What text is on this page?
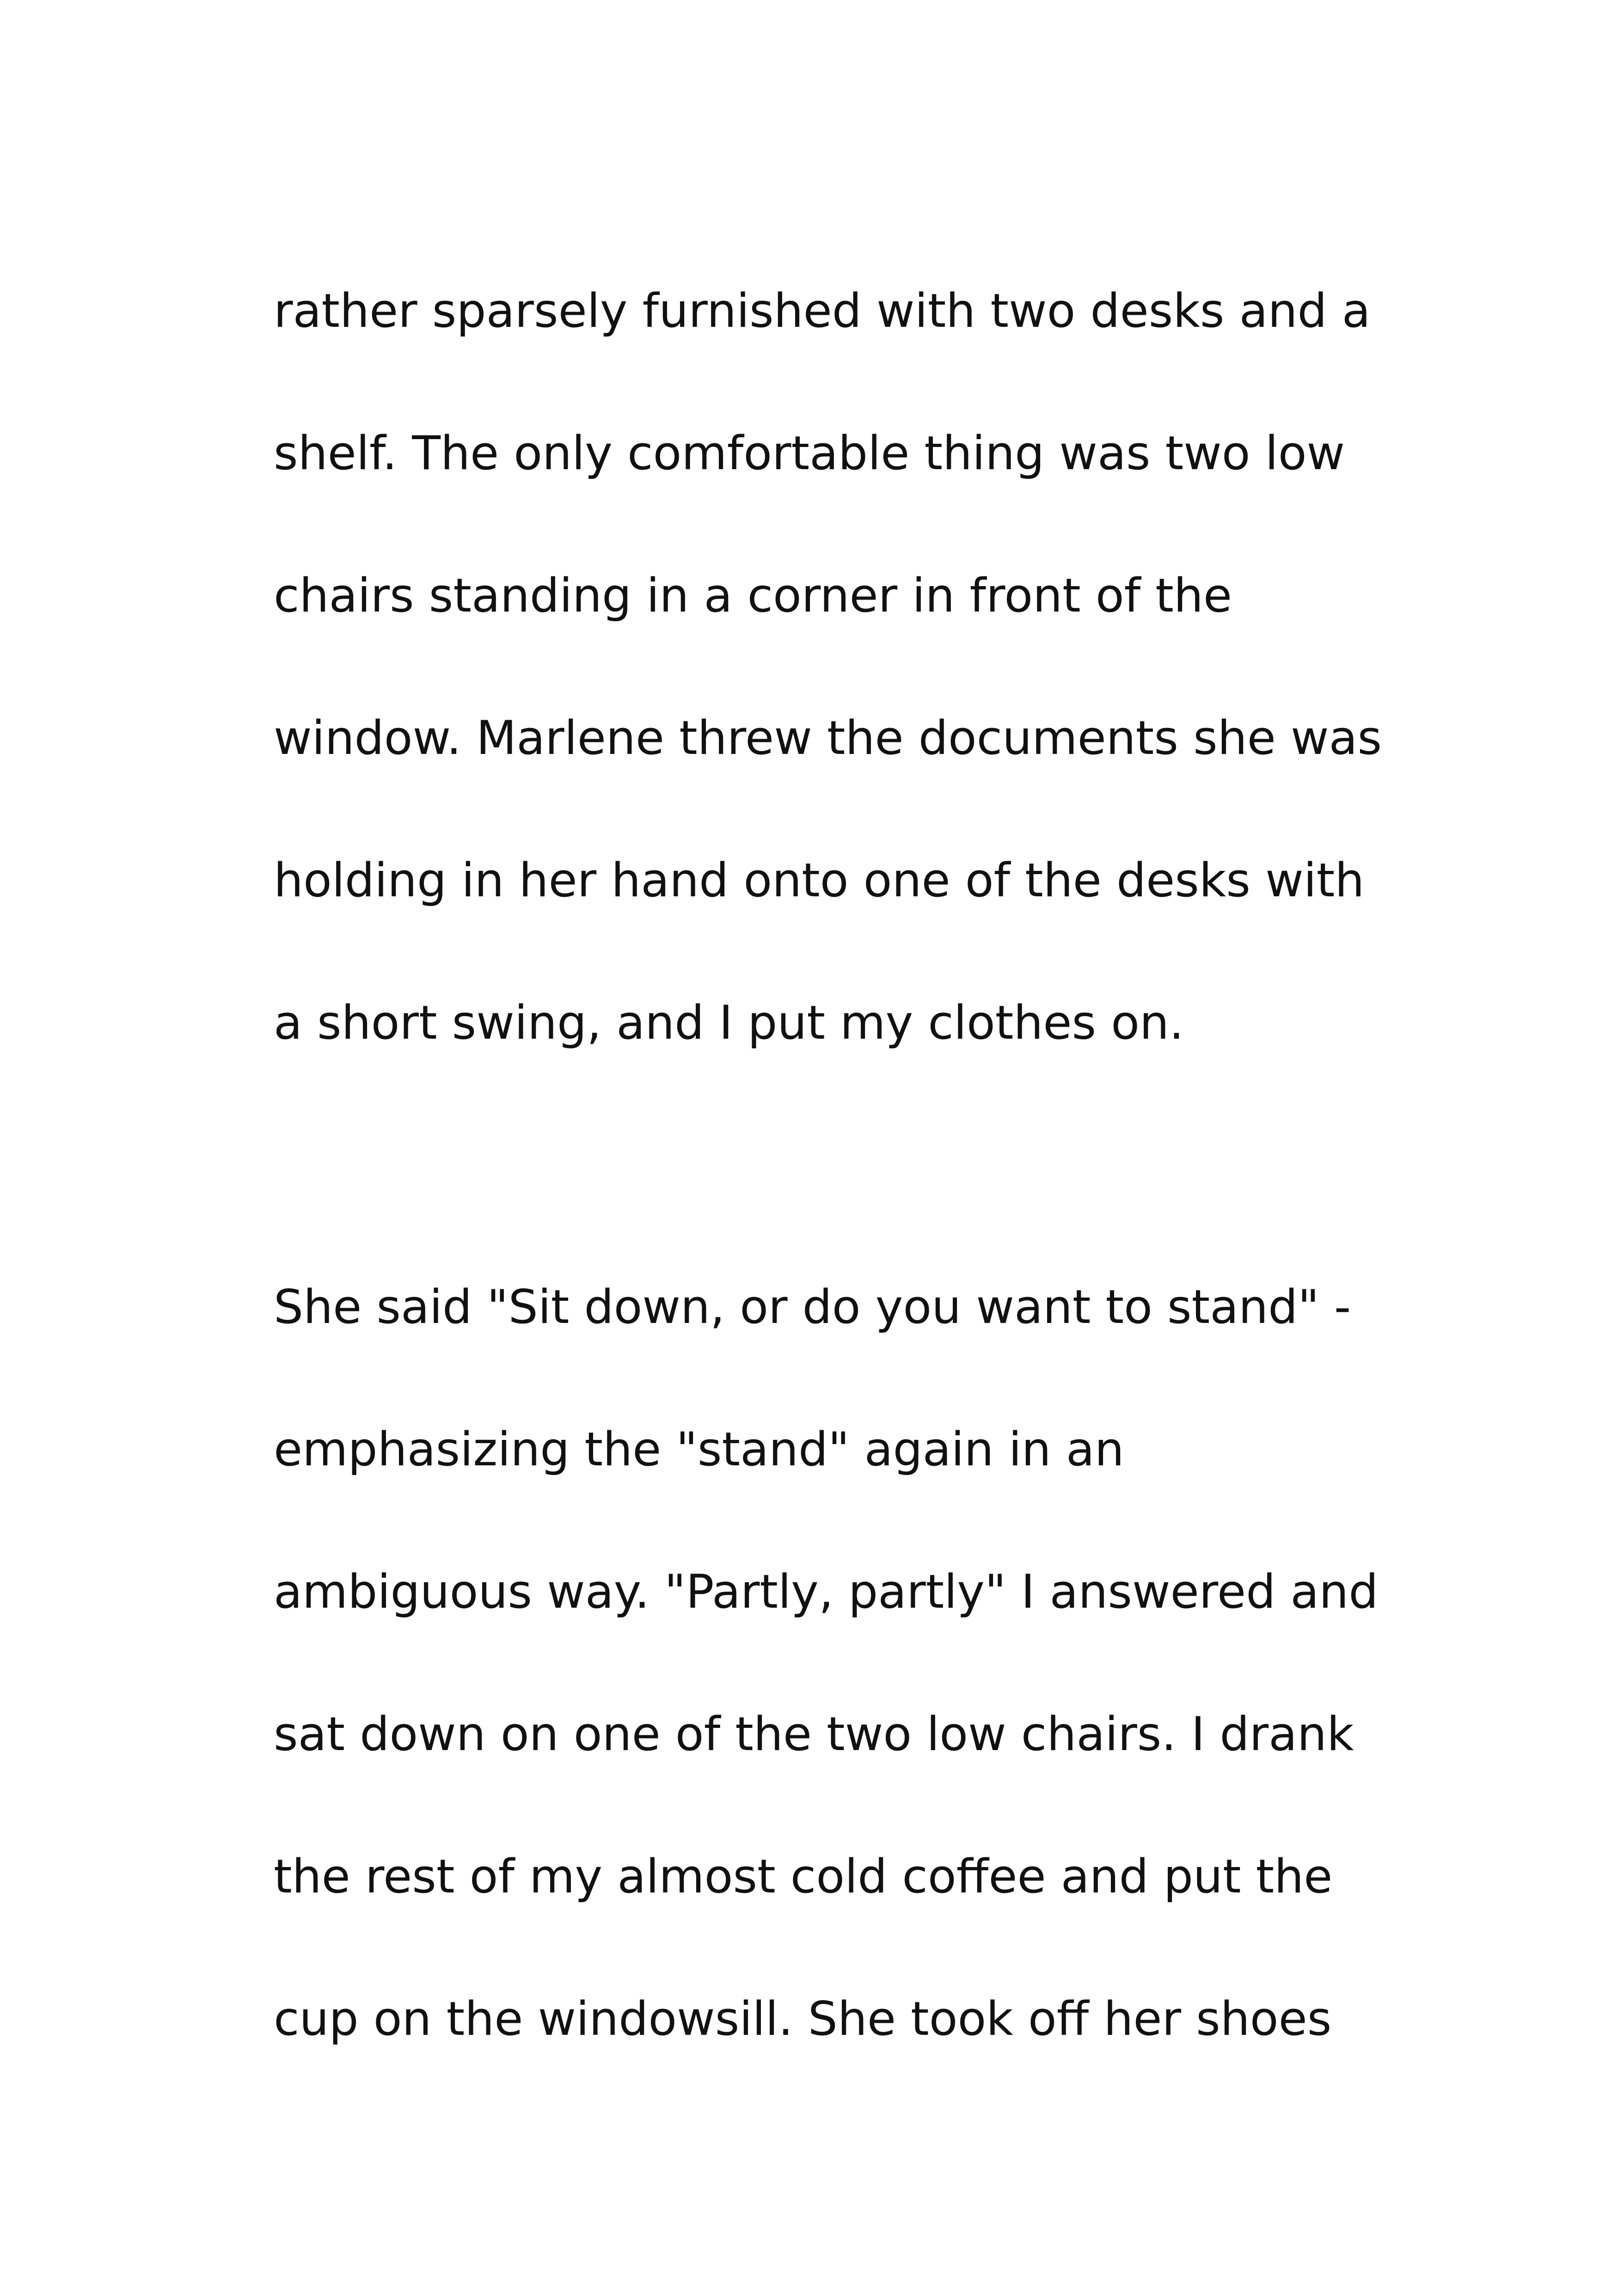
rather sparsely furnished with two desks and a
shelf. The only comfortable thing was two low
chairs standing in a corner in front of the
window. Marlene threw the documents she was
holding in her hand onto one of the desks with
a short swing, and I put my clothes on.
She said "Sit down, or do you want to stand" -
emphasizing the "stand" again in an
ambiguous way. "Partly, partly" I answered and
sat down on one of the two low chairs. I drank
the rest of my almost cold coffee and put the
cup on the windowsill. She took off her shoes
